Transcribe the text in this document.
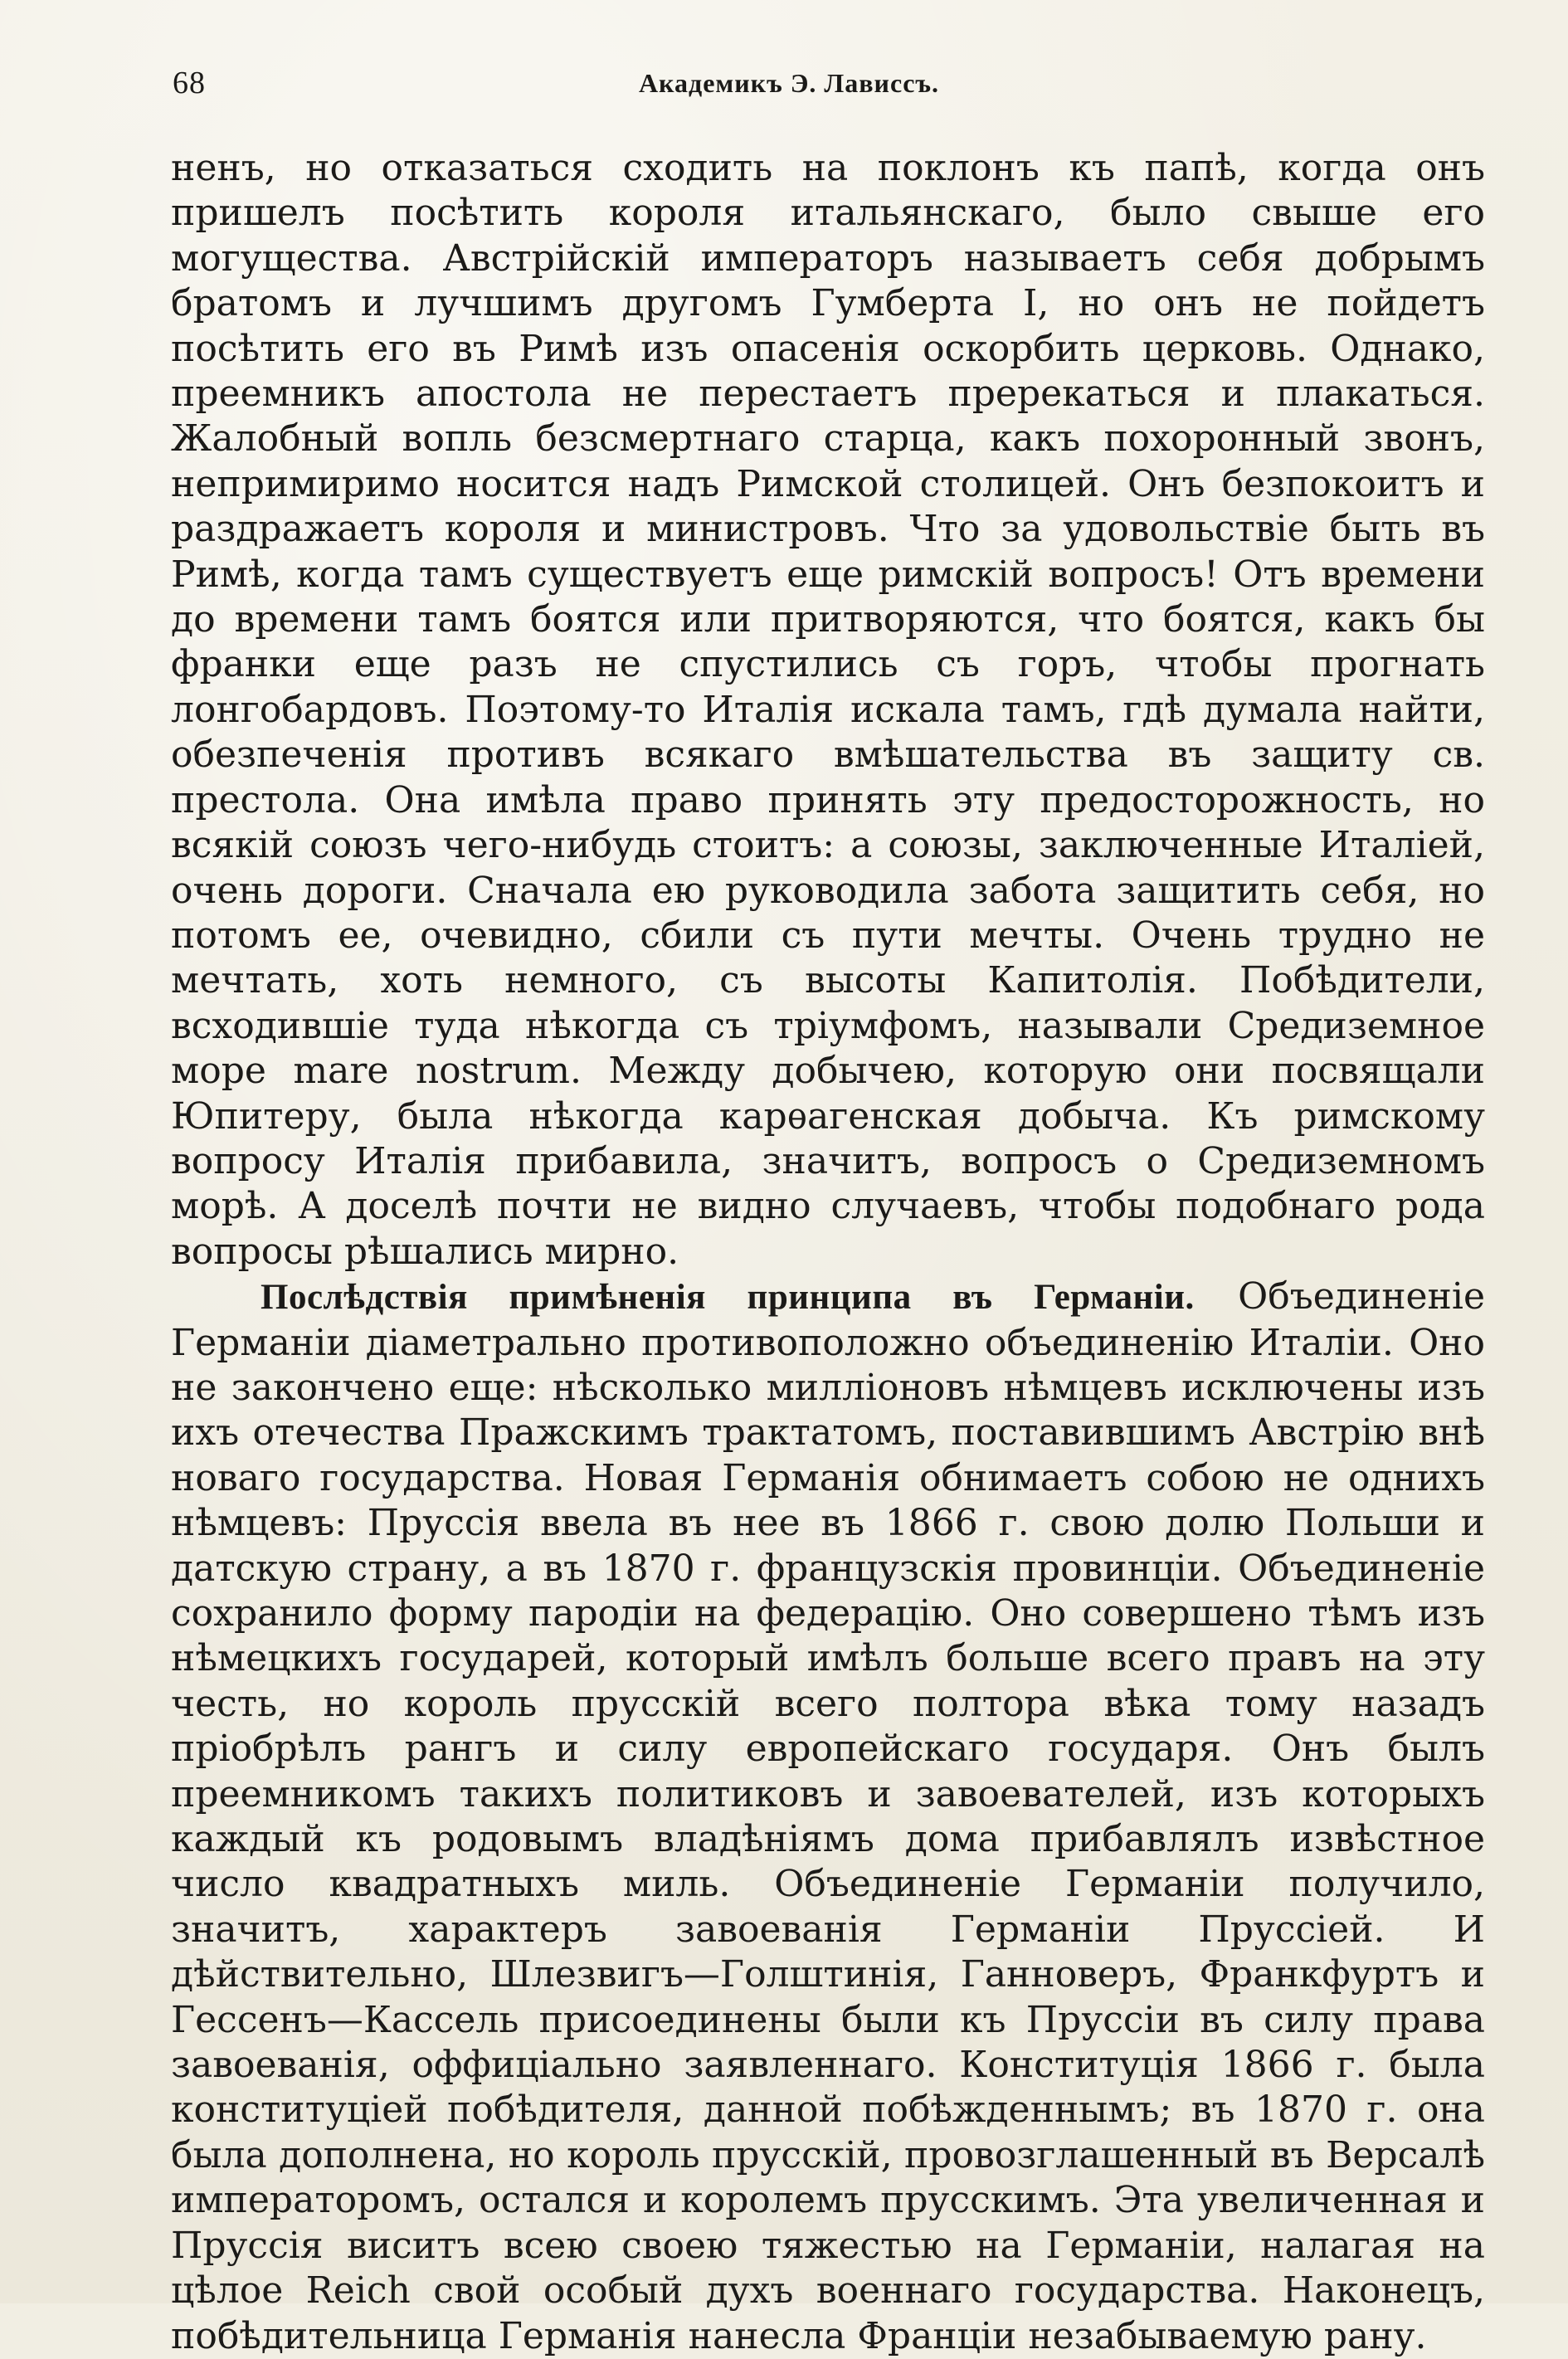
68	Академикъ Э. Лависсъ.

ненъ, но отказаться сходить на поклонъ къ папѣ, когда онъ пришелъ посѣтить короля итальянскаго, было свыше его могущества. Австрiйскiй императоръ называетъ себя добрымъ братомъ и лучшимъ другомъ Гумберта I, но онъ не пойдетъ посѣтить его въ Римѣ изъ опасенiя оскорбить церковь. Однако, преемникъ апостола не перестаетъ пререкаться и плакаться. Жалобный вопль безсмертнаго старца, какъ похоронный звонъ, непримиримо носится надъ Римской столицей. Онъ безпокоитъ и раздражаетъ короля и министровъ. Что за удовольствiе быть въ Римѣ, когда тамъ существуетъ еще римскiй вопросъ! Отъ времени до времени тамъ боятся или притворяются, что боятся, какъ бы франки еще разъ не спустились съ горъ, чтобы прогнать лонгобардовъ. Поэтому-то Италiя искала тамъ, гдѣ думала найти, обезпеченiя противъ всякаго вмѣшательства въ защиту св. престола. Она имѣла право принять эту предосторожность, но всякiй союзъ чего-нибудь стоитъ: а союзы, заключенные Италiей, очень дороги. Сначала ею руководила забота защитить себя, но потомъ ее, очевидно, сбили съ пути мечты. Очень трудно не мечтать, хоть немного, съ высоты Капитолiя. Побѣдители, всходившiе туда нѣкогда съ трiумфомъ, называли Средиземное море mare nostrum. Между добычею, которую они посвящали Юпитеру, была нѣкогда карѳагенская добыча. Къ римскому вопросу Италiя прибавила, значитъ, вопросъ о Средиземномъ морѣ. А доселѣ почти не видно случаевъ, чтобы подобнаго рода вопросы рѣшались мирно.

Послѣдствiя примѣненiя принципа въ Германiи. Объединенiе Германiи дiаметрально противоположно объединенiю Италiи. Оно не закончено еще: нѣсколько миллiоновъ нѣмцевъ исключены изъ ихъ отечества Пражскимъ трактатомъ, поставившимъ Австрiю внѣ новаго государства. Новая Германiя обнимаетъ собою не однихъ нѣмцевъ: Пруссiя ввела въ нее въ 1866 г. свою долю Польши и датскую страну, а въ 1870 г. французскiя провинцiи. Объединенiе сохранило форму пародiи на федерацiю. Оно совершено тѣмъ изъ нѣмецкихъ государей, который имѣлъ больше всего правъ на эту честь, но король прусскiй всего полтора вѣка тому назадъ прiобрѣлъ рангъ и силу европейскаго государя. Онъ былъ преемникомъ такихъ политиковъ и завоевателей, изъ которыхъ каждый къ родовымъ владѣнiямъ дома прибавлялъ извѣстное число квадратныхъ миль. Объединенiе Германiи получило, значитъ, характеръ завоеванiя Германiи Пруссiей. И дѣйствительно, Шлезвигъ—Голштинiя, Ганноверъ, Франкфуртъ и Гессенъ—Кассель присоединены были къ Пруссiи въ силу права завоеванiя, оффицiально заявленнаго. Конституцiя 1866 г. была конституцiей побѣдителя, данной побѣжденнымъ; въ 1870 г. она была дополнена, но король прусскiй, провозглашенный въ Версалѣ императоромъ, остался и королемъ прусскимъ. Эта увеличенная и Пруссiя виситъ всею своею тяжестью на Германiи, налагая на цѣлое Reich свой особый духъ военнаго государства. Наконецъ, побѣдительница Германiя нанесла Францiи незабываемую рану.
